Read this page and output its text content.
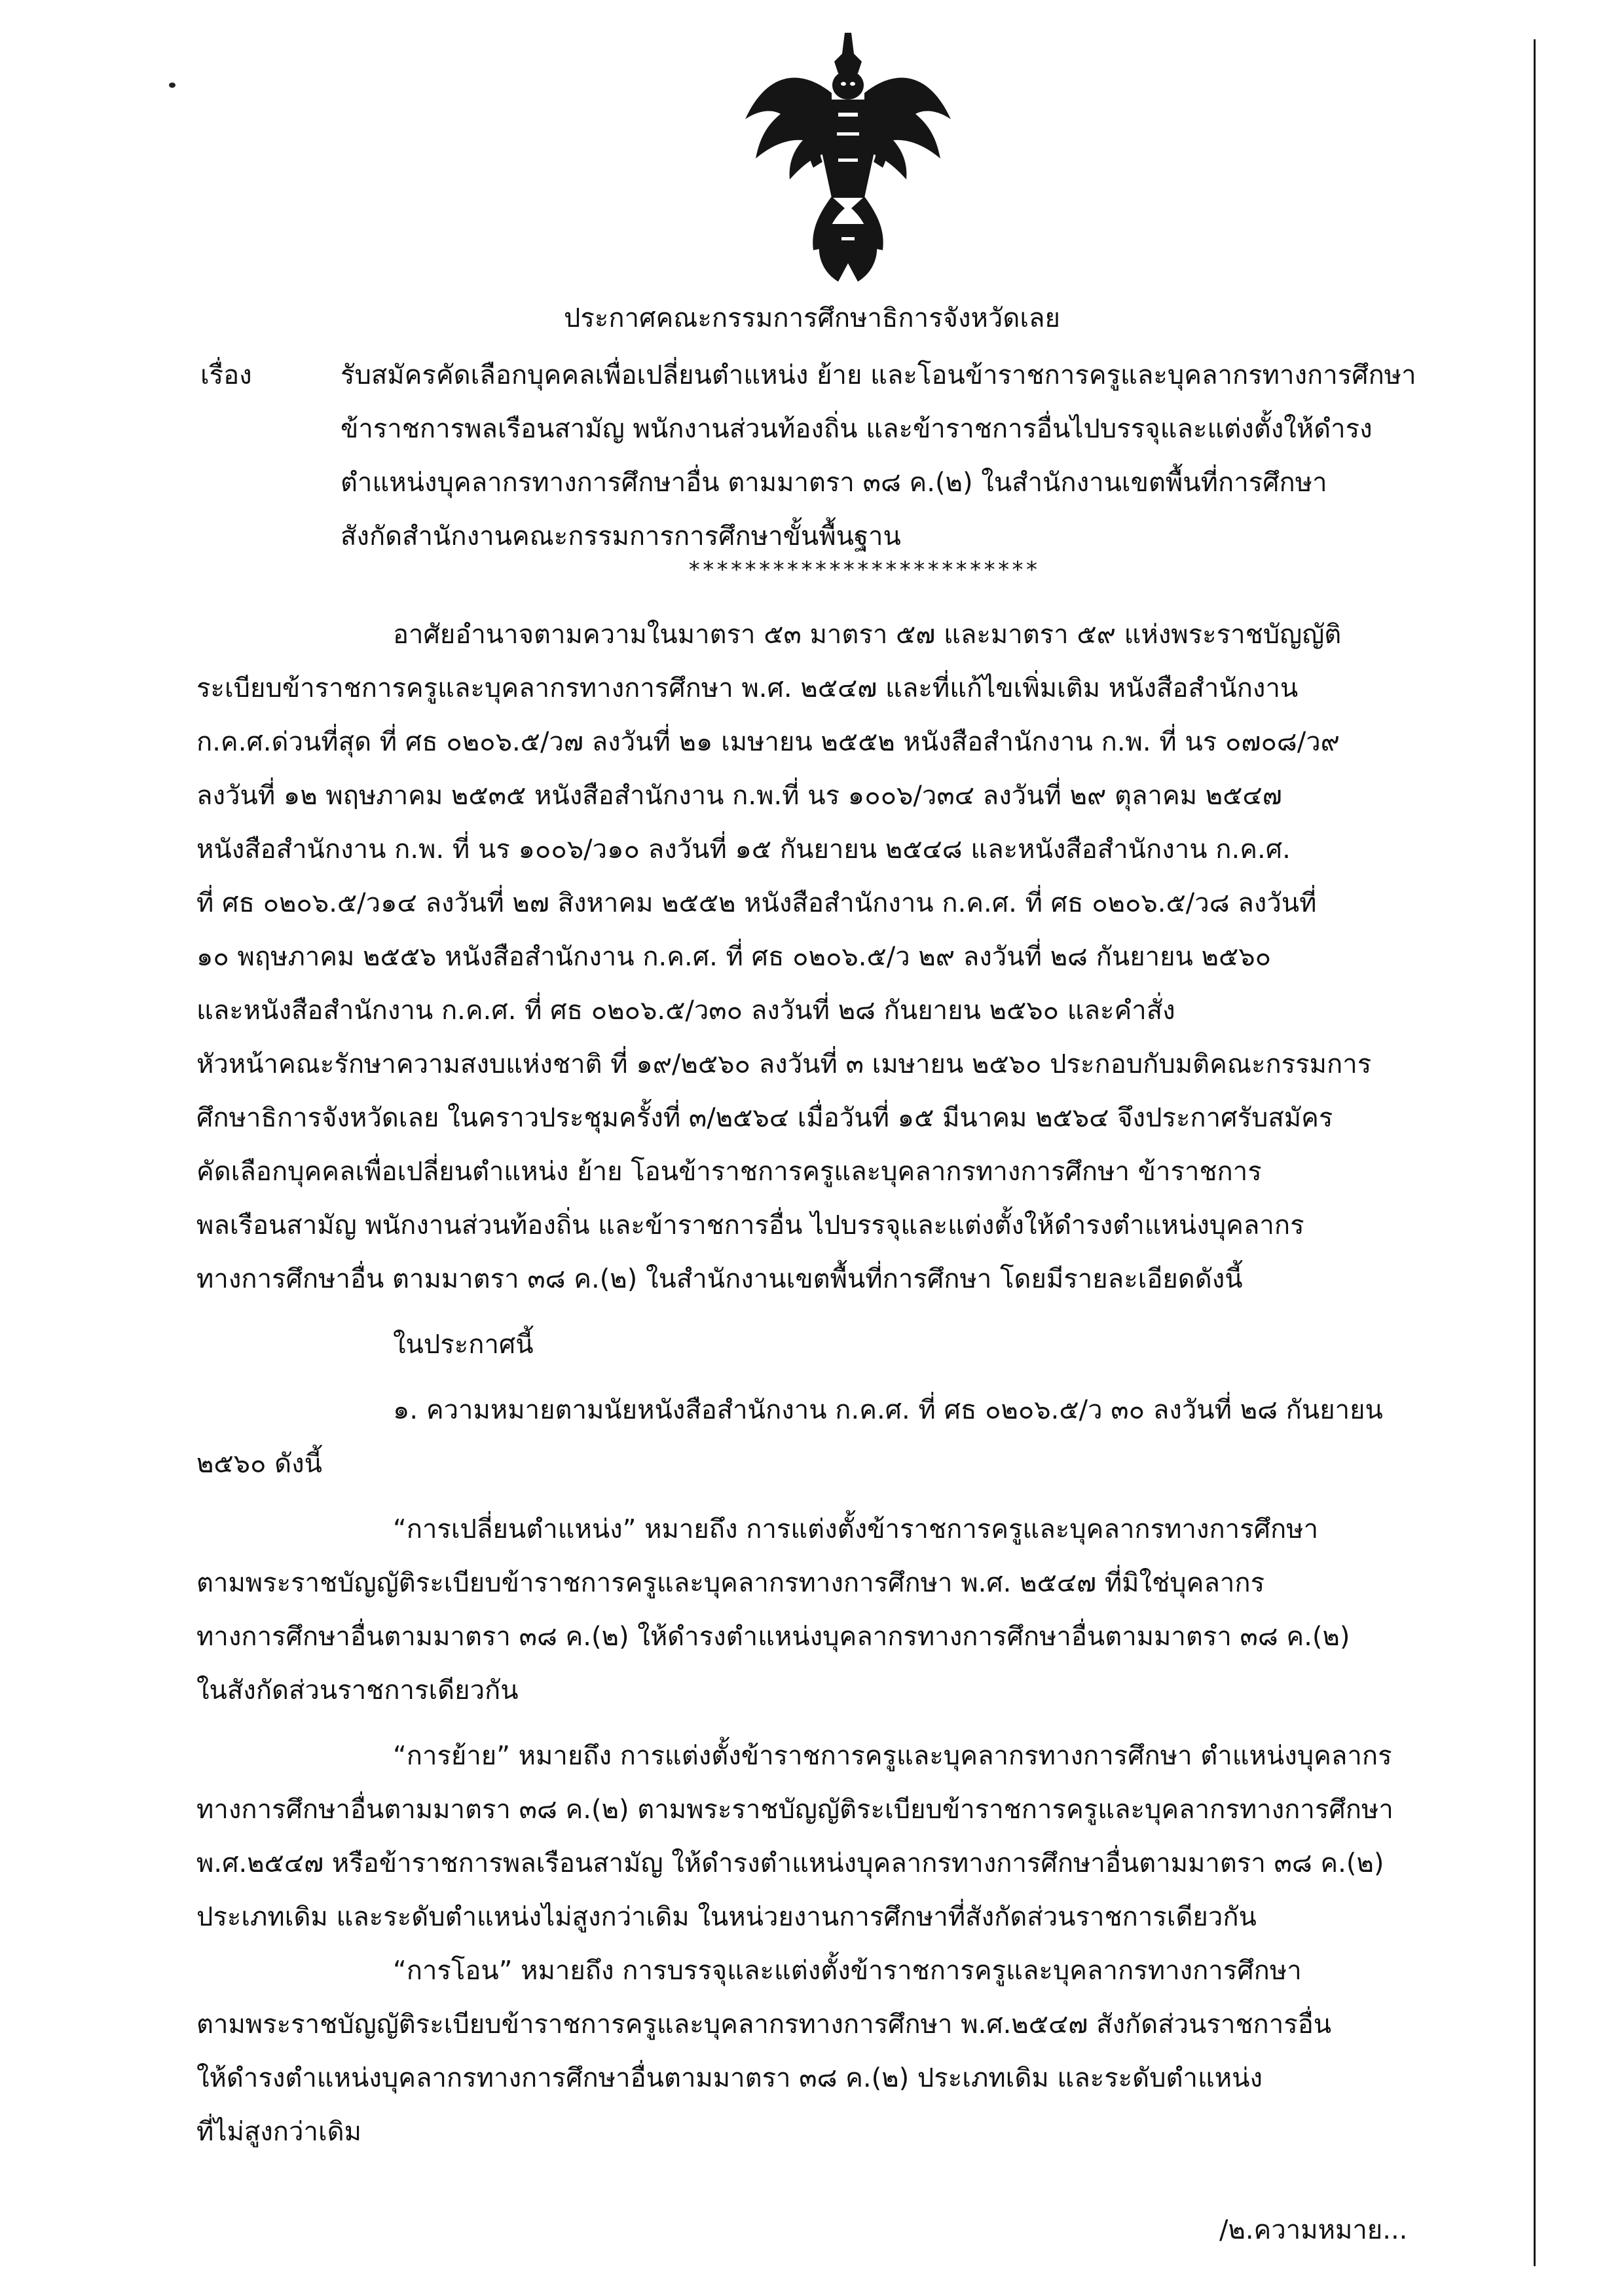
ประกาศคณะกรรมการศึกษาธิการจังหวัดเลย
เรื่อง	รับสมัครคัดเลือกบุคคลเพื่อเปลี่ยนตำแหน่ง ย้าย และโอนข้าราชการครูและบุคลากรทางการศึกษา
ข้าราชการพลเรือนสามัญ พนักงานส่วนท้องถิ่น และข้าราชการอื่นไปบรรจุและแต่งตั้งให้ดำรง
ตำแหน่งบุคลากรทางการศึกษาอื่น ตามมาตรา ๓๘ ค.(๒) ในสำนักงานเขตพื้นที่การศึกษา
สังกัดสำนักงานคณะกรรมการการศึกษาขั้นพื้นฐาน
*************************
อาศัยอำนาจตามความในมาตรา ๕๓ มาตรา ๕๗ และมาตรา ๕๙ แห่งพระราชบัญญัติ
ระเบียบข้าราชการครูและบุคลากรทางการศึกษา พ.ศ. ๒๕๔๗ และที่แก้ไขเพิ่มเติม หนังสือสำนักงาน
ก.ค.ศ.ด่วนที่สุด ที่ ศธ ๐๒๐๖.๕/ว๗ ลงวันที่ ๒๑ เมษายน ๒๕๕๒ หนังสือสำนักงาน ก.พ. ที่ นร ๐๗๐๘/ว๙
ลงวันที่ ๑๒ พฤษภาคม ๒๕๓๕ หนังสือสำนักงาน ก.พ.ที่ นร ๑๐๐๖/ว๓๔ ลงวันที่ ๒๙ ตุลาคม ๒๕๔๗
หนังสือสำนักงาน ก.พ. ที่ นร ๑๐๐๖/ว๑๐ ลงวันที่ ๑๕ กันยายน ๒๕๔๘ และหนังสือสำนักงาน ก.ค.ศ.
ที่ ศธ ๐๒๐๖.๕/ว๑๔ ลงวันที่ ๒๗ สิงหาคม ๒๕๕๒ หนังสือสำนักงาน ก.ค.ศ. ที่ ศธ ๐๒๐๖.๕/ว๘ ลงวันที่
๑๐ พฤษภาคม ๒๕๕๖ หนังสือสำนักงาน ก.ค.ศ. ที่ ศธ ๐๒๐๖.๕/ว ๒๙ ลงวันที่ ๒๘ กันยายน ๒๕๖๐
และหนังสือสำนักงาน ก.ค.ศ. ที่ ศธ ๐๒๐๖.๕/ว๓๐ ลงวันที่ ๒๘ กันยายน ๒๕๖๐ และคำสั่ง
หัวหน้าคณะรักษาความสงบแห่งชาติ ที่ ๑๙/๒๕๖๐ ลงวันที่ ๓ เมษายน ๒๕๖๐ ประกอบกับมติคณะกรรมการ
ศึกษาธิการจังหวัดเลย ในคราวประชุมครั้งที่ ๓/๒๕๖๔ เมื่อวันที่ ๑๕ มีนาคม ๒๕๖๔ จึงประกาศรับสมัคร
คัดเลือกบุคคลเพื่อเปลี่ยนตำแหน่ง ย้าย โอนข้าราชการครูและบุคลากรทางการศึกษา ข้าราชการ
พลเรือนสามัญ พนักงานส่วนท้องถิ่น และข้าราชการอื่น ไปบรรจุและแต่งตั้งให้ดำรงตำแหน่งบุคลากร
ทางการศึกษาอื่น ตามมาตรา ๓๘ ค.(๒) ในสำนักงานเขตพื้นที่การศึกษา โดยมีรายละเอียดดังนี้
ในประกาศนี้
๑. ความหมายตามนัยหนังสือสำนักงาน ก.ค.ศ. ที่ ศธ ๐๒๐๖.๕/ว ๓๐ ลงวันที่ ๒๘ กันยายน
๒๕๖๐ ดังนี้
“การเปลี่ยนตำแหน่ง” หมายถึง การแต่งตั้งข้าราชการครูและบุคลากรทางการศึกษา
ตามพระราชบัญญัติระเบียบข้าราชการครูและบุคลากรทางการศึกษา พ.ศ. ๒๕๔๗ ที่มิใช่บุคลากร
ทางการศึกษาอื่นตามมาตรา ๓๘ ค.(๒) ให้ดำรงตำแหน่งบุคลากรทางการศึกษาอื่นตามมาตรา ๓๘ ค.(๒)
ในสังกัดส่วนราชการเดียวกัน
“การย้าย” หมายถึง การแต่งตั้งข้าราชการครูและบุคลากรทางการศึกษา ตำแหน่งบุคลากร
ทางการศึกษาอื่นตามมาตรา ๓๘ ค.(๒) ตามพระราชบัญญัติระเบียบข้าราชการครูและบุคลากรทางการศึกษา
พ.ศ.๒๕๔๗ หรือข้าราชการพลเรือนสามัญ ให้ดำรงตำแหน่งบุคลากรทางการศึกษาอื่นตามมาตรา ๓๘ ค.(๒)
ประเภทเดิม และระดับตำแหน่งไม่สูงกว่าเดิม ในหน่วยงานการศึกษาที่สังกัดส่วนราชการเดียวกัน
“การโอน” หมายถึง การบรรจุและแต่งตั้งข้าราชการครูและบุคลากรทางการศึกษา
ตามพระราชบัญญัติระเบียบข้าราชการครูและบุคลากรทางการศึกษา พ.ศ.๒๕๔๗ สังกัดส่วนราชการอื่น
ให้ดำรงตำแหน่งบุคลากรทางการศึกษาอื่นตามมาตรา ๓๘ ค.(๒) ประเภทเดิม และระดับตำแหน่ง
ที่ไม่สูงกว่าเดิม
/๒.ความหมาย...
